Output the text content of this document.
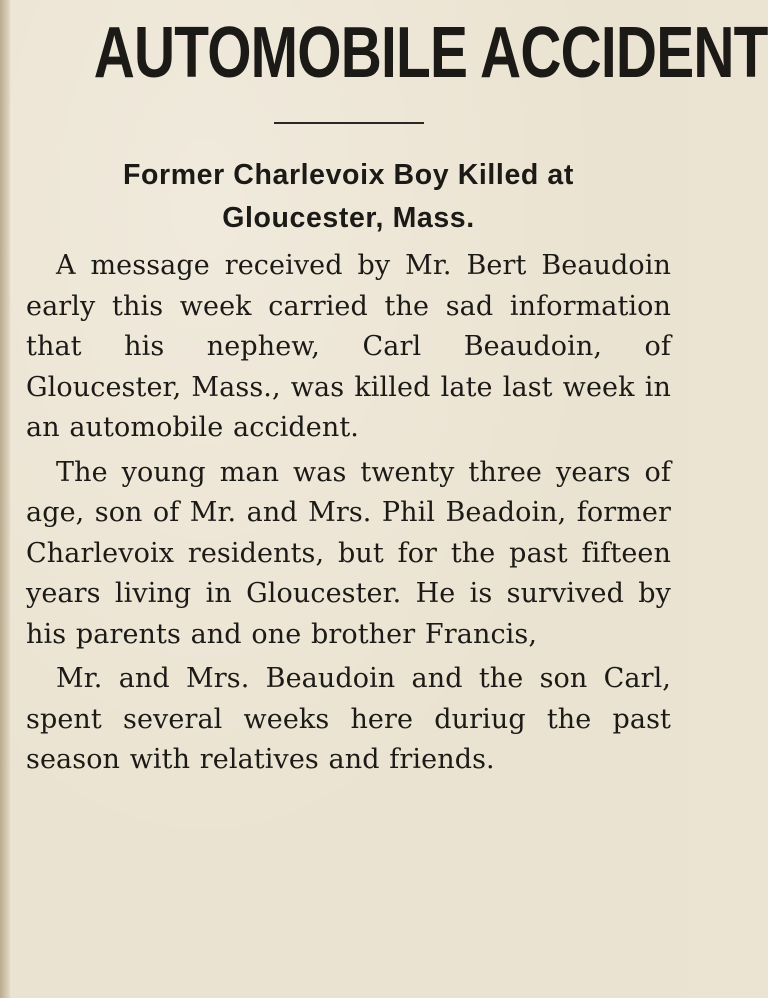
AUTOMOBILE ACCIDENT
Former Charlevoix Boy Killed at
Gloucester, Mass.

A message received by Mr. Bert Beaudoin early this week carried the sad information that his nephew, Carl Beaudoin, of Gloucester, Mass., was killed late last week in an automobile accident.

The young man was twenty three years of age, son of Mr. and Mrs. Phil Beadoin, former Charlevoix residents, but for the past fifteen years living in Gloucester. He is survived by his parents and one brother Francis,

Mr. and Mrs. Beaudoin and the son Carl, spent several weeks here duriug the past season with relatives and friends.
